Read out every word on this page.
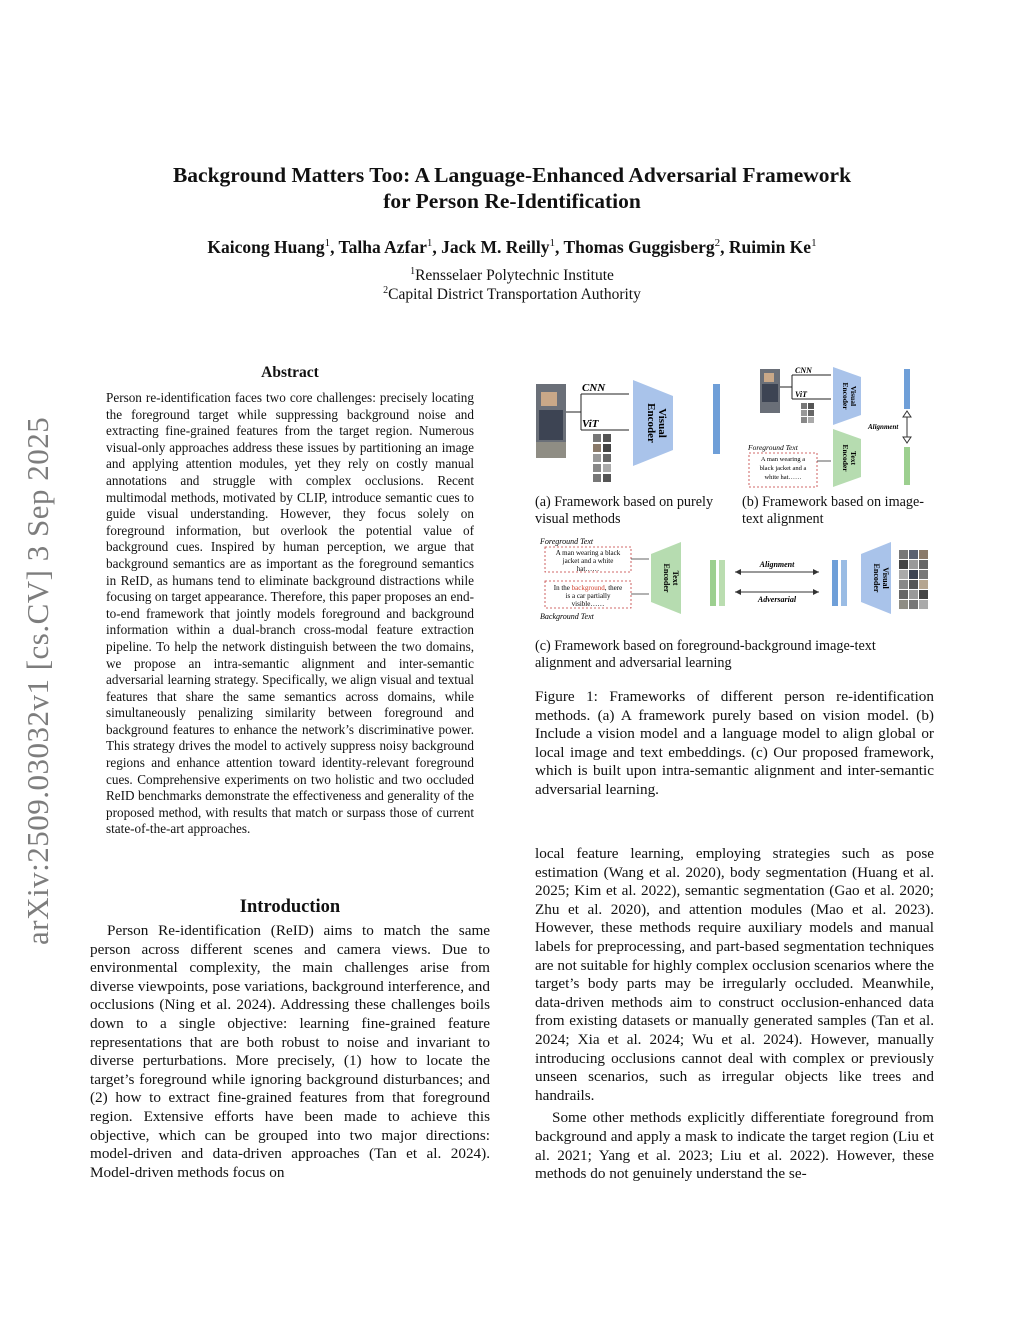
arXiv:2509.03032v1 [cs.CV] 3 Sep 2025
Background Matters Too: A Language-Enhanced Adversarial Framework
for Person Re-Identification
Kaicong Huang$^1$, Talha Azfar$^1$, Jack M. Reilly$^1$, Thomas Guggisberg$^2$, Ruimin Ke$^1$
$^1$Rensselaer Polytechnic Institute
$^2$Capital District Transportation Authority
Abstract
Person re-identification faces two core challenges: precisely locating the foreground target while suppressing background noise and extracting fine-grained features from the target region. Numerous visual-only approaches address these issues by partitioning an image and applying attention modules, yet they rely on costly manual annotations and struggle with complex occlusions. Recent multimodal methods, motivated by CLIP, introduce semantic cues to guide visual understanding. However, they focus solely on foreground information, but overlook the potential value of background cues. Inspired by human perception, we argue that background semantics are as important as the foreground semantics in ReID, as humans tend to eliminate background distractions while focusing on target appearance. Therefore, this paper proposes an end-to-end framework that jointly models foreground and background information within a dual-branch cross-modal feature extraction pipeline. To help the network distinguish between the two domains, we propose an intra-semantic alignment and inter-semantic adversarial learning strategy. Specifically, we align visual and textual features that share the same semantics across domains, while simultaneously penalizing similarity between foreground and background features to enhance the network’s discriminative power. This strategy drives the model to actively suppress noisy background regions and enhance attention toward identity-relevant foreground cues. Comprehensive experiments on two holistic and two occluded ReID benchmarks demonstrate the effectiveness and generality of the proposed method, with results that match or surpass those of current state-of-the-art approaches.
Introduction

Person Re-identification (ReID) aims to match the same person across different scenes and camera views. Due to environmental complexity, the main challenges arise from diverse viewpoints, pose variations, background interference, and occlusions (Ning et al. 2024). Addressing these challenges boils down to a single objective: learning fine-grained feature representations that are both robust to noise and invariant to diverse perturbations. More precisely, (1) how to locate the target’s foreground while ignoring background disturbances; and (2) how to extract fine-grained features from that foreground region. Extensive efforts have been made to achieve this objective, which can be grouped into two major directions: model-driven and data-driven approaches (Tan et al. 2024). Model-driven methods focus on

local feature learning, employing strategies such as pose estimation (Wang et al. 2020), body segmentation (Huang et al. 2025; Kim et al. 2022), semantic segmentation (Gao et al. 2020; Zhu et al. 2020), and attention modules (Mao et al. 2023). However, these methods require auxiliary models and manual labels for preprocessing, and part-based segmentation techniques are not suitable for highly complex occlusion scenarios where the target’s body parts may be irregularly occluded. Meanwhile, data-driven methods aim to construct occlusion-enhanced data from existing datasets or manually generated samples (Tan et al. 2024; Xia et al. 2024; Wu et al. 2024). However, manually introducing occlusions cannot deal with complex or previously unseen scenarios, such as irregular objects like trees and handrails.

Some other methods explicitly differentiate foreground from background and apply a mask to indicate the target region (Liu et al. 2021; Yang et al. 2023; Liu et al. 2022). However, these methods do not genuinely understand the se-

CNN
ViT	Visual
Encoder
(a) Framework based on purely visual methods
CNN
ViT	Visual
Encoder
Alignment
Foreground Text
A man wearing a
black jacket and a
white hat……
Text
Encoder
(b) Framework based on image-text alignment
Foreground Text
A man wearing a black
jacket and a white
hat……
In the background, there
is a car partially
visible……
Background Text
Text
Encoder	Alignment
Adversarial
Visual
Encoder
(c) Framework based on foreground-background image-text alignment and adversarial learning
Figure 1: Frameworks of different person re-identification methods. (a) A framework purely based on vision model. (b) Include a vision model and a language model to align global or local image and text embeddings. (c) Our proposed framework, which is built upon intra-semantic alignment and inter-semantic adversarial learning.
